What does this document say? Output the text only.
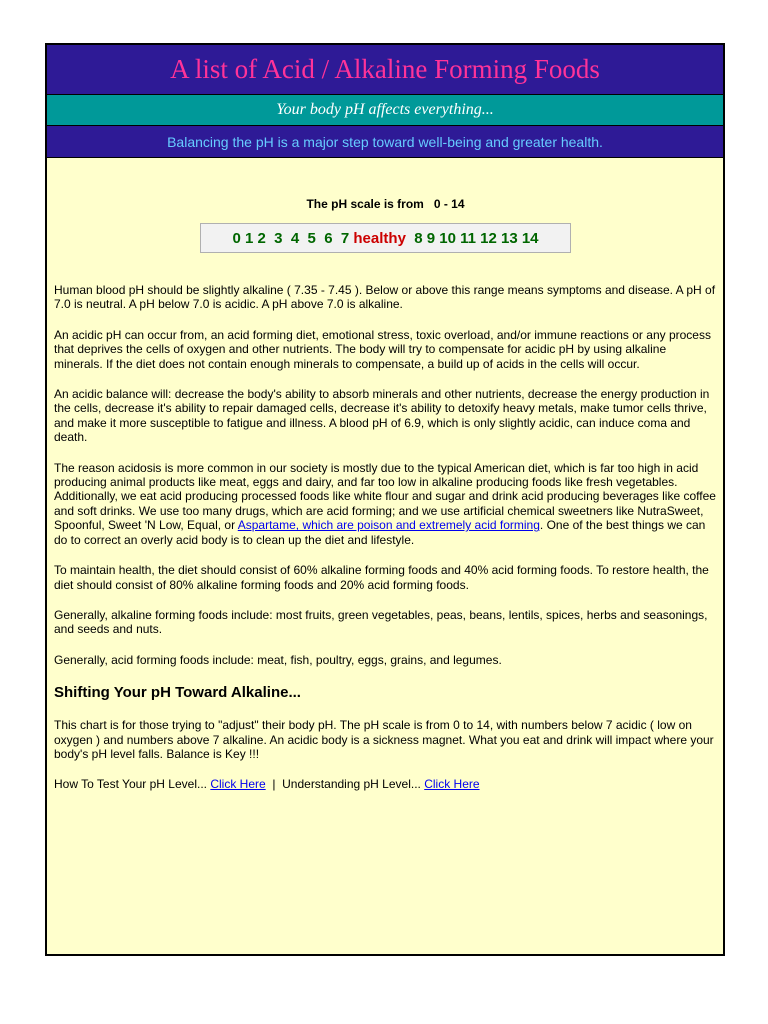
A list of Acid / Alkaline Forming Foods
Your body pH affects everything...
Balancing the pH is a major step toward well-being and greater health.
The pH scale is from   0 - 14
0 1 2  3  4  5  6  7 healthy 8 9 10 11 12 13 14

Human blood pH should be slightly alkaline ( 7.35 - 7.45 ). Below or above this range means symptoms and disease. A pH of 7.0 is neutral. A pH below 7.0 is acidic. A pH above 7.0 is alkaline.

An acidic pH can occur from, an acid forming diet, emotional stress, toxic overload, and/or immune reactions or any process that deprives the cells of oxygen and other nutrients. The body will try to compensate for acidic pH by using alkaline minerals. If the diet does not contain enough minerals to compensate, a build up of acids in the cells will occur.

An acidic balance will: decrease the body's ability to absorb minerals and other nutrients, decrease the energy production in the cells, decrease it's ability to repair damaged cells, decrease it's ability to detoxify heavy metals, make tumor cells thrive, and make it more susceptible to fatigue and illness. A blood pH of 6.9, which is only slightly acidic, can induce coma and death.

The reason acidosis is more common in our society is mostly due to the typical American diet, which is far too high in acid producing animal products like meat, eggs and dairy, and far too low in alkaline producing foods like fresh vegetables. Additionally, we eat acid producing processed foods like white flour and sugar and drink acid producing beverages like coffee and soft drinks. We use too many drugs, which are acid forming; and we use artificial chemical sweetners like NutraSweet, Spoonful, Sweet 'N Low, Equal, or Aspartame, which are poison and extremely acid forming. One of the best things we can do to correct an overly acid body is to clean up the diet and lifestyle.

To maintain health, the diet should consist of 60% alkaline forming foods and 40% acid forming foods. To restore health, the diet should consist of 80% alkaline forming foods and 20% acid forming foods.

Generally, alkaline forming foods include: most fruits, green vegetables, peas, beans, lentils, spices, herbs and seasonings, and seeds and nuts.

Generally, acid forming foods include: meat, fish, poultry, eggs, grains, and legumes.

Shifting Your pH Toward Alkaline...

This chart is for those trying to "adjust" their body pH. The pH scale is from 0 to 14, with numbers below 7 acidic ( low on oxygen ) and numbers above 7 alkaline. An acidic body is a sickness magnet. What you eat and drink will impact where your body's pH level falls. Balance is Key !!!

How To Test Your pH Level... Click Here  |  Understanding pH Level... Click Here
